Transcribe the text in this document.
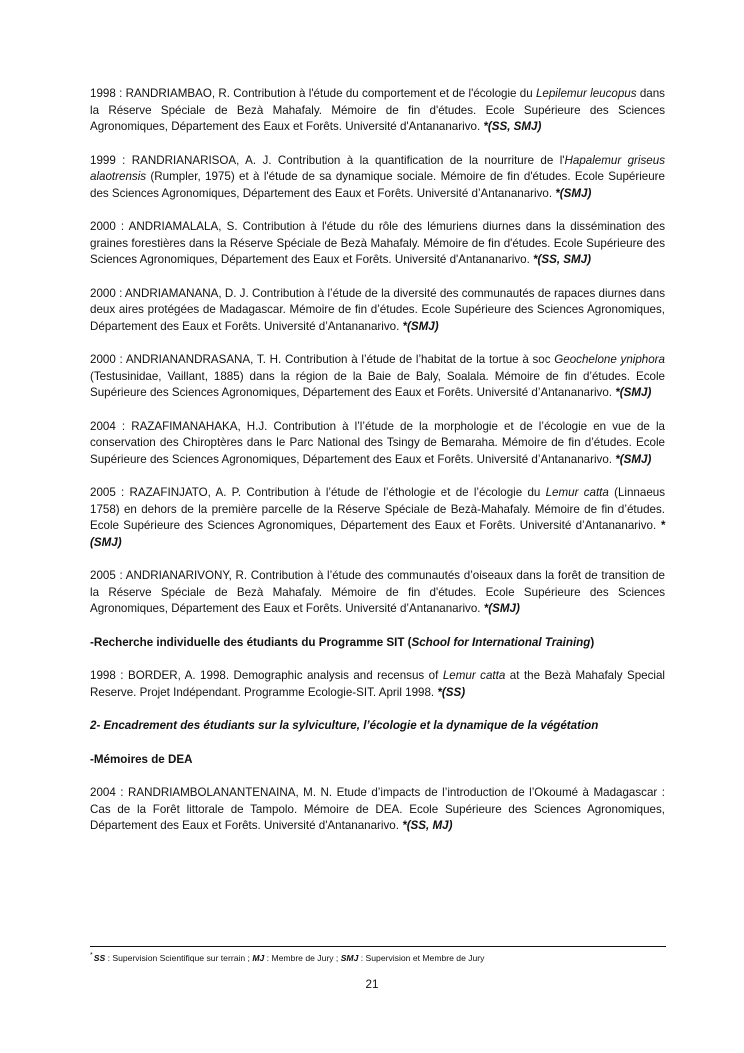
1998 : RANDRIAMBAO, R. Contribution à l'étude du comportement et de l'écologie du Lepilemur leucopus dans la Réserve Spéciale de Bezà Mahafaly. Mémoire de fin d'études. Ecole Supérieure des Sciences Agronomiques, Département des Eaux et Forêts. Université d'Antananarivo. *(SS, SMJ)

1999 : RANDRIANARISOA, A. J. Contribution à la quantification de la nourriture de l'Hapalemur griseus alaotrensis (Rumpler, 1975) et à l'étude de sa dynamique sociale. Mémoire de fin d'études. Ecole Supérieure des Sciences Agronomiques, Département des Eaux et Forêts. Université d’Antananarivo. *(SMJ)

2000 : ANDRIAMALALA, S. Contribution à l'étude du rôle des lémuriens diurnes dans la dissémination des graines forestières dans la Réserve Spéciale de Bezà Mahafaly. Mémoire de fin d'études. Ecole Supérieure des Sciences Agronomiques, Département des Eaux et Forêts. Université d'Antananarivo. *(SS, SMJ)

2000 : ANDRIAMANANA, D. J. Contribution à l’étude de la diversité des communautés de rapaces diurnes dans deux aires protégées de Madagascar. Mémoire de fin d’études. Ecole Supérieure des Sciences Agronomiques, Département des Eaux et Forêts. Université d’Antananarivo. *(SMJ)

2000 : ANDRIANANDRASANA, T. H. Contribution à l’étude de l’habitat de la tortue à soc Geochelone yniphora (Testusinidae, Vaillant, 1885) dans la région de la Baie de Baly, Soalala. Mémoire de fin d’études. Ecole Supérieure des Sciences Agronomiques, Département des Eaux et Forêts. Université d’Antananarivo. *(SMJ)

2004 : RAZAFIMANAHAKA, H.J. Contribution à l’l’étude de la morphologie et de l’écologie en vue de la conservation des Chiroptères dans le Parc National des Tsingy de Bemaraha. Mémoire de fin d’études. Ecole Supérieure des Sciences Agronomiques, Département des Eaux et Forêts. Université d’Antananarivo. *(SMJ)

2005 : RAZAFINJATO, A. P. Contribution à l’étude de l’éthologie et de l’écologie du Lemur catta (Linnaeus 1758) en dehors de la première parcelle de la Réserve Spéciale de Bezà-Mahafaly. Mémoire de fin d’études. Ecole Supérieure des Sciences Agronomiques, Département des Eaux et Forêts. Université d’Antananarivo. *(SMJ)

2005 : ANDRIANARIVONY, R. Contribution à l’étude des communautés d’oiseaux dans la forêt de transition de la Réserve Spéciale de Bezà Mahafaly. Mémoire de fin d'études. Ecole Supérieure des Sciences Agronomiques, Département des Eaux et Forêts. Université d’Antananarivo. *(SMJ)

-Recherche individuelle des étudiants du Programme SIT (School for International Training)

1998 : BORDER, A. 1998. Demographic analysis and recensus of Lemur catta at the Bezà Mahafaly Special Reserve. Projet Indépendant. Programme Ecologie-SIT. April 1998. *(SS)

2- Encadrement des étudiants sur la sylviculture, l’écologie et la dynamique de la végétation

-Mémoires de DEA

2004 : RANDRIAMBOLANANTENAINA, M. N. Etude d’impacts de l’introduction de l’Okoumé à Madagascar : Cas de la Forêt littorale de Tampolo. Mémoire de DEA. Ecole Supérieure des Sciences Agronomiques, Département des Eaux et Forêts. Université d'Antananarivo. *(SS, MJ)

*SS : Supervision Scientifique sur terrain ; MJ : Membre de Jury ; SMJ : Supervision et Membre de Jury
21
